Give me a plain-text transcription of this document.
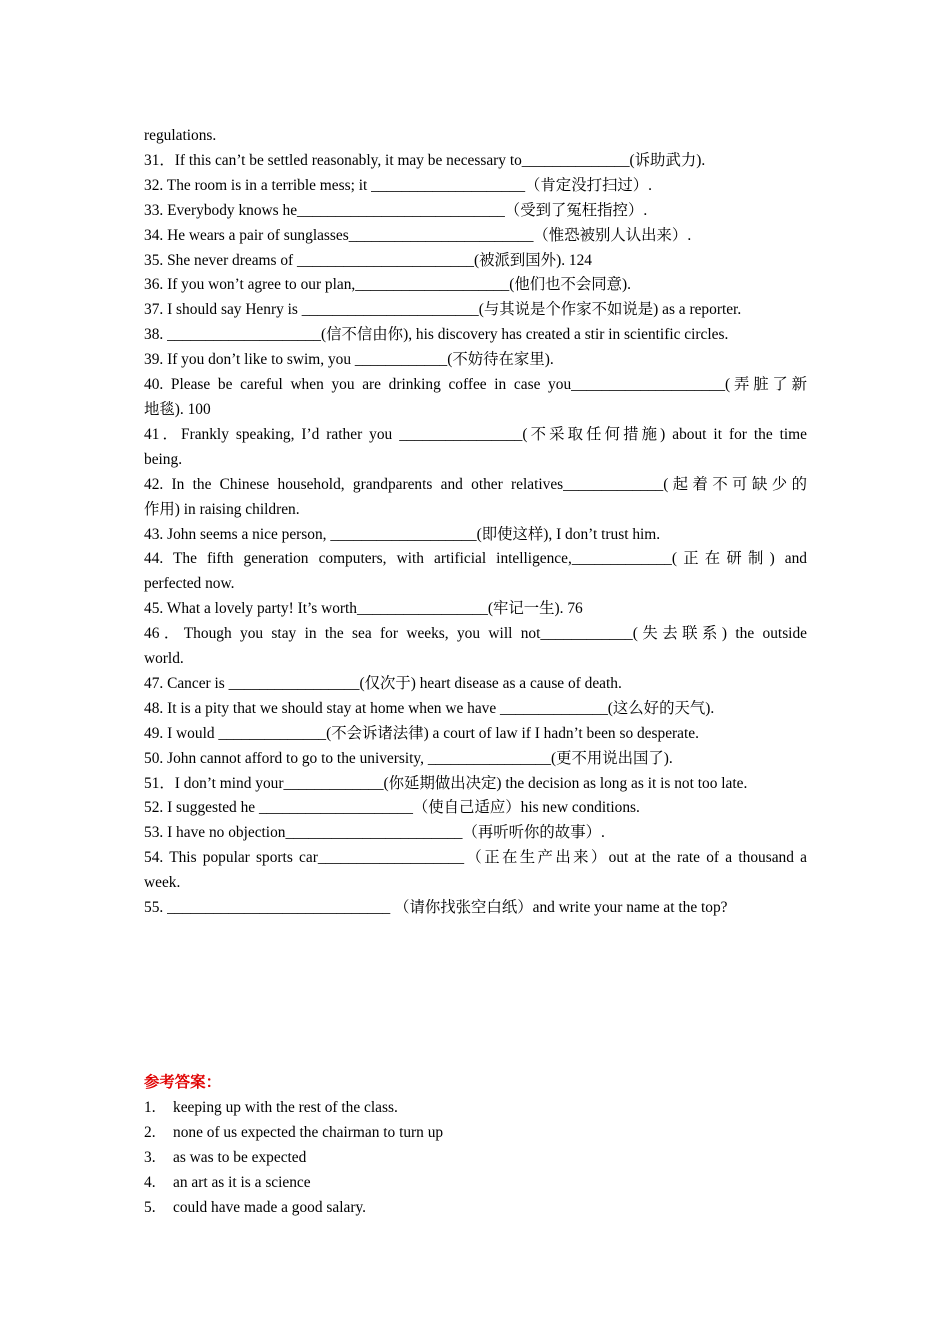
regulations.

31．If this can’t be settled reasonably, it may be necessary to______________(诉助武力).

32. The room is in a terrible mess; it ____________________（肯定没打扫过）.

33. Everybody knows he___________________________（受到了冤枉指控）.

34. He wears a pair of sunglasses________________________（惟恐被别人认出来）.

35. She never dreams of _______________________(被派到国外). 124

36. If you won’t agree to our plan,____________________(他们也不会同意).

37. I should say Henry is _______________________(与其说是个作家不如说是) as a reporter.

38. ____________________(信不信由你), his discovery has created a stir in scientific circles.

39. If you don’t like to swim, you ____________(不妨待在家里).

40. Please be careful when you are drinking coffee in case you____________________(弄脏了新

地毯). 100

41．Frankly speaking, I’d rather you ________________(不采取任何措施) about it for the time

being.

42. In the Chinese household, grandparents and other relatives_____________(起着不可缺少的

作用) in raising children.

43. John seems a nice person, ___________________(即使这样), I don’t trust him.

44. The fifth generation computers, with artificial intelligence,_____________(正在研制) and

perfected now.

45. What a lovely party! It’s worth_________________(牢记一生). 76

46．Though you stay in the sea for weeks, you will not____________(失去联系) the outside

world.

47. Cancer is _________________(仅次于) heart disease as a cause of death.

48. It is a pity that we should stay at home when we have ______________(这么好的天气).

49. I would ______________(不会诉诸法律) a court of law if I hadn’t been so desperate.

50. John cannot afford to go to the university, ________________(更不用说出国了).

51．I don’t mind your_____________(你延期做出决定) the decision as long as it is not too late.

52. I suggested he ____________________（使自己适应）his new conditions.

53. I have no objection_______________________（再听听你的故事）.

54. This popular sports car___________________（正在生产出来）out at the rate of a thousand a

week.

55. _____________________________ （请你找张空白纸）and write your name at the top?

参考答案：

1. keeping up with the rest of the class.

2. none of us expected the chairman to turn up

3. as was to be expected

4. an art as it is a science

5. could have made a good salary.
